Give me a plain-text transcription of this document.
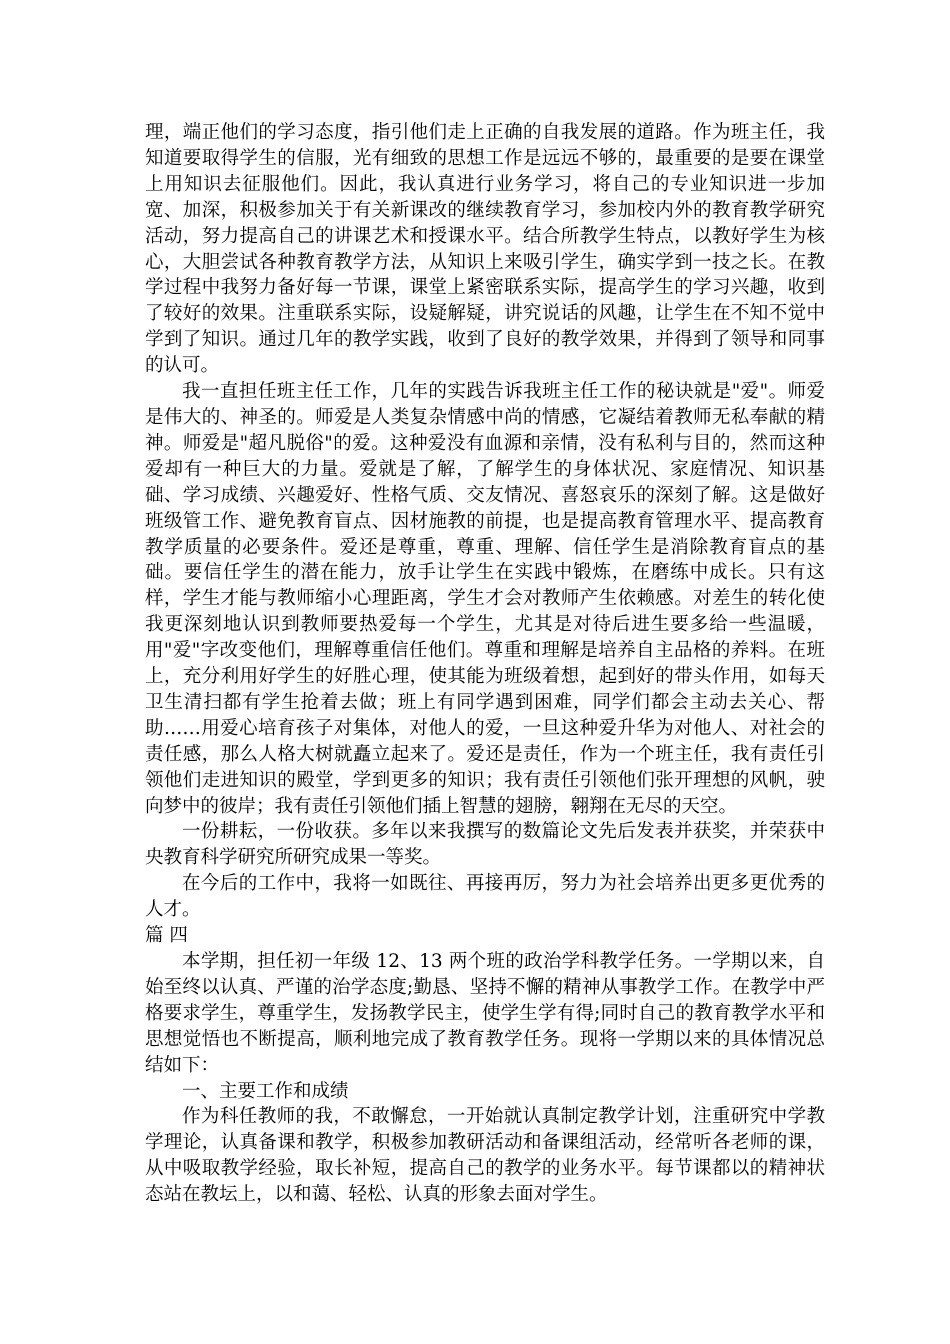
理，端正他们的学习态度，指引他们走上正确的自我发展的道路。作为班主任，我知道要取得学生的信服，光有细致的思想工作是远远不够的，最重要的是要在课堂上用知识去征服他们。因此，我认真进行业务学习，将自己的专业知识进一步加宽、加深，积极参加关于有关新课改的继续教育学习，参加校内外的教育教学研究活动，努力提高自己的讲课艺术和授课水平。结合所教学生特点，以教好学生为核心，大胆尝试各种教育教学方法，从知识上来吸引学生，确实学到一技之长。在教学过程中我努力备好每一节课，课堂上紧密联系实际，提高学生的学习兴趣，收到了较好的效果。注重联系实际，设疑解疑，讲究说话的风趣，让学生在不知不觉中学到了知识。通过几年的教学实践，收到了良好的教学效果，并得到了领导和同事的认可。

我一直担任班主任工作，几年的实践告诉我班主任工作的秘诀就是"爱"。师爱是伟大的、神圣的。师爱是人类复杂情感中尚的情感，它凝结着教师无私奉献的精神。师爱是"超凡脱俗"的爱。这种爱没有血源和亲情，没有私利与目的，然而这种爱却有一种巨大的力量。爱就是了解，了解学生的身体状况、家庭情况、知识基础、学习成绩、兴趣爱好、性格气质、交友情况、喜怒哀乐的深刻了解。这是做好班级管工作、避免教育盲点、因材施教的前提，也是提高教育管理水平、提高教育教学质量的必要条件。爱还是尊重，尊重、理解、信任学生是消除教育盲点的基础。要信任学生的潜在能力，放手让学生在实践中锻炼，在磨练中成长。只有这样，学生才能与教师缩小心理距离，学生才会对教师产生依赖感。对差生的转化使我更深刻地认识到教师要热爱每一个学生，尤其是对待后进生要多给一些温暖，用"爱"字改变他们，理解尊重信任他们。尊重和理解是培养自主品格的养料。在班上，充分利用好学生的好胜心理，使其能为班级着想，起到好的带头作用，如每天卫生清扫都有学生抢着去做；班上有同学遇到困难，同学们都会主动去关心、帮助……用爱心培育孩子对集体，对他人的爱，一旦这种爱升华为对他人、对社会的责任感，那么人格大树就矗立起来了。爱还是责任，作为一个班主任，我有责任引领他们走进知识的殿堂，学到更多的知识；我有责任引领他们张开理想的风帆，驶向梦中的彼岸；我有责任引领他们插上智慧的翅膀，翱翔在无尽的天空。

一份耕耘，一份收获。多年以来我撰写的数篇论文先后发表并获奖，并荣获中央教育科学研究所研究成果一等奖。

在今后的工作中，我将一如既往、再接再厉，努力为社会培养出更多更优秀的人才。

篇 四

本学期，担任初一年级 12、13 两个班的政治学科教学任务。一学期以来，自始至终以认真、严谨的治学态度;勤恳、坚持不懈的精神从事教学工作。在教学中严格要求学生，尊重学生，发扬教学民主，使学生学有得;同时自己的教育教学水平和思想觉悟也不断提高，顺利地完成了教育教学任务。现将一学期以来的具体情况总结如下：

一、主要工作和成绩

作为科任教师的我，不敢懈怠，一开始就认真制定教学计划，注重研究中学教学理论，认真备课和教学，积极参加教研活动和备课组活动，经常听各老师的课，从中吸取教学经验，取长补短，提高自己的教学的业务水平。每节课都以的精神状态站在教坛上，以和蔼、轻松、认真的形象去面对学生。
